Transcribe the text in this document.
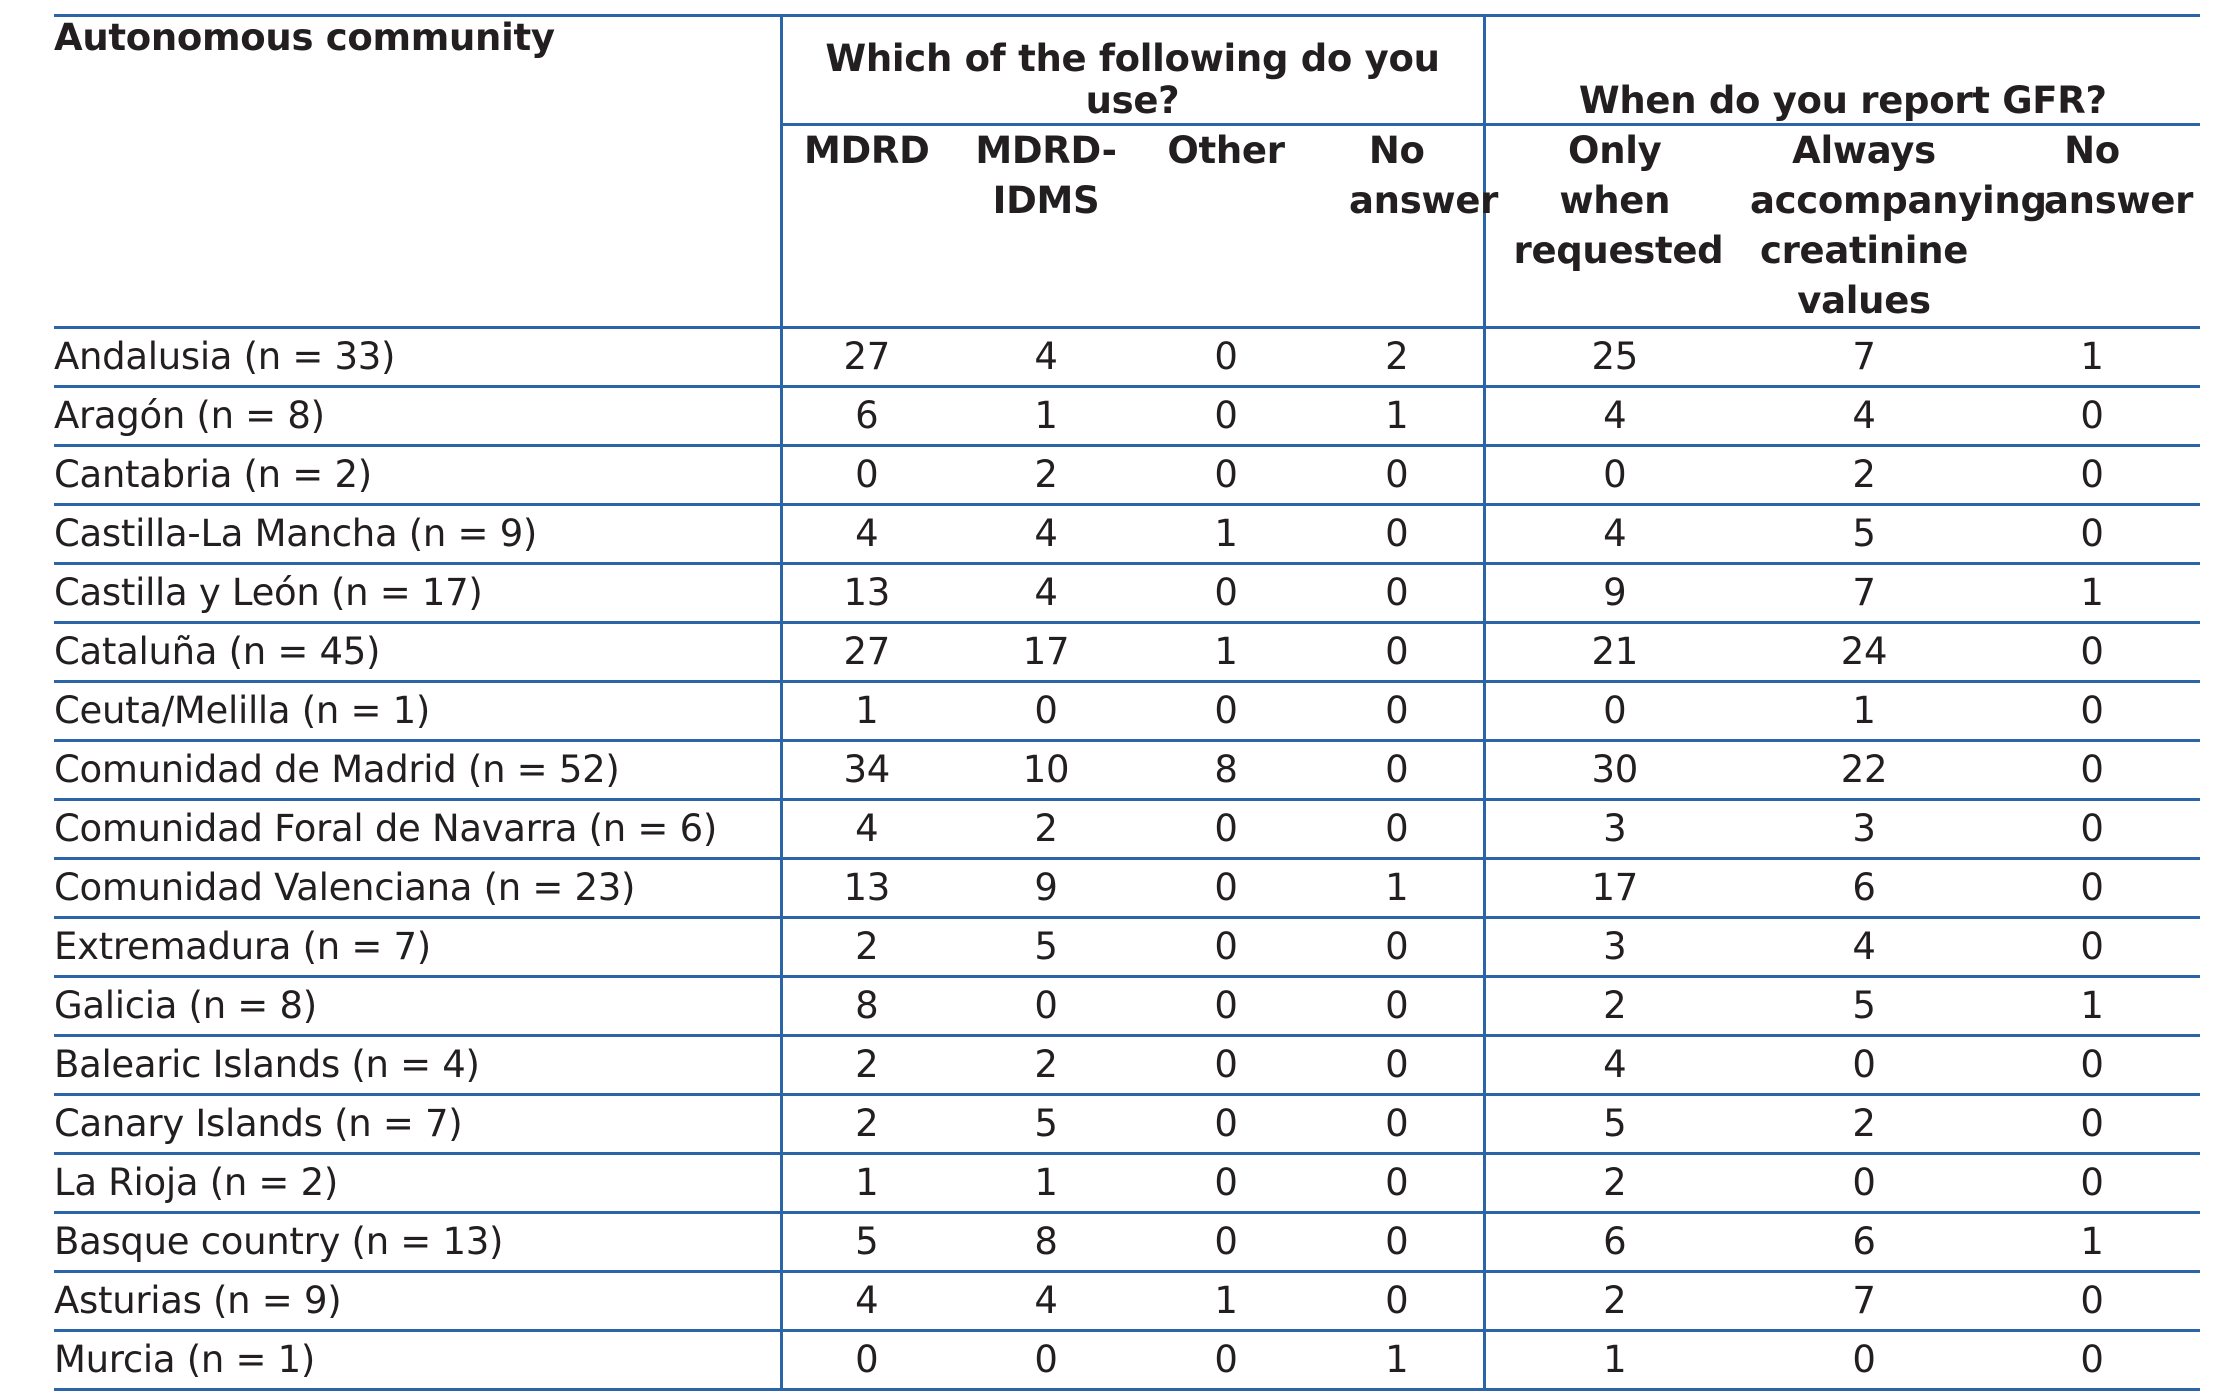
Autonomous community	Which of the following do you use?				When do you report GFR?		
	MDRD	MDRD-IDMS	Other	No answer	Only when requested	Always accompanying creatinine values	No answer
Andalusia (n = 33)	27	4	0	2	25	7	1
Aragón (n = 8)	6	1	0	1	4	4	0
Cantabria (n = 2)	0	2	0	0	0	2	0
Castilla-La Mancha (n = 9)	4	4	1	0	4	5	0
Castilla y León (n = 17)	13	4	0	0	9	7	1
Cataluña (n = 45)	27	17	1	0	21	24	0
Ceuta/Melilla (n = 1)	1	0	0	0	0	1	0
Comunidad de Madrid (n = 52)	34	10	8	0	30	22	0
Comunidad Foral de Navarra (n = 6)	4	2	0	0	3	3	0
Comunidad Valenciana (n = 23)	13	9	0	1	17	6	0
Extremadura (n = 7)	2	5	0	0	3	4	0
Galicia (n = 8)	8	0	0	0	2	5	1
Balearic Islands (n = 4)	2	2	0	0	4	0	0
Canary Islands (n = 7)	2	5	0	0	5	2	0
La Rioja (n = 2)	1	1	0	0	2	0	0
Basque country (n = 13)	5	8	0	0	6	6	1
Asturias (n = 9)	4	4	1	0	2	7	0
Murcia (n = 1)	0	0	0	1	1	0	0
